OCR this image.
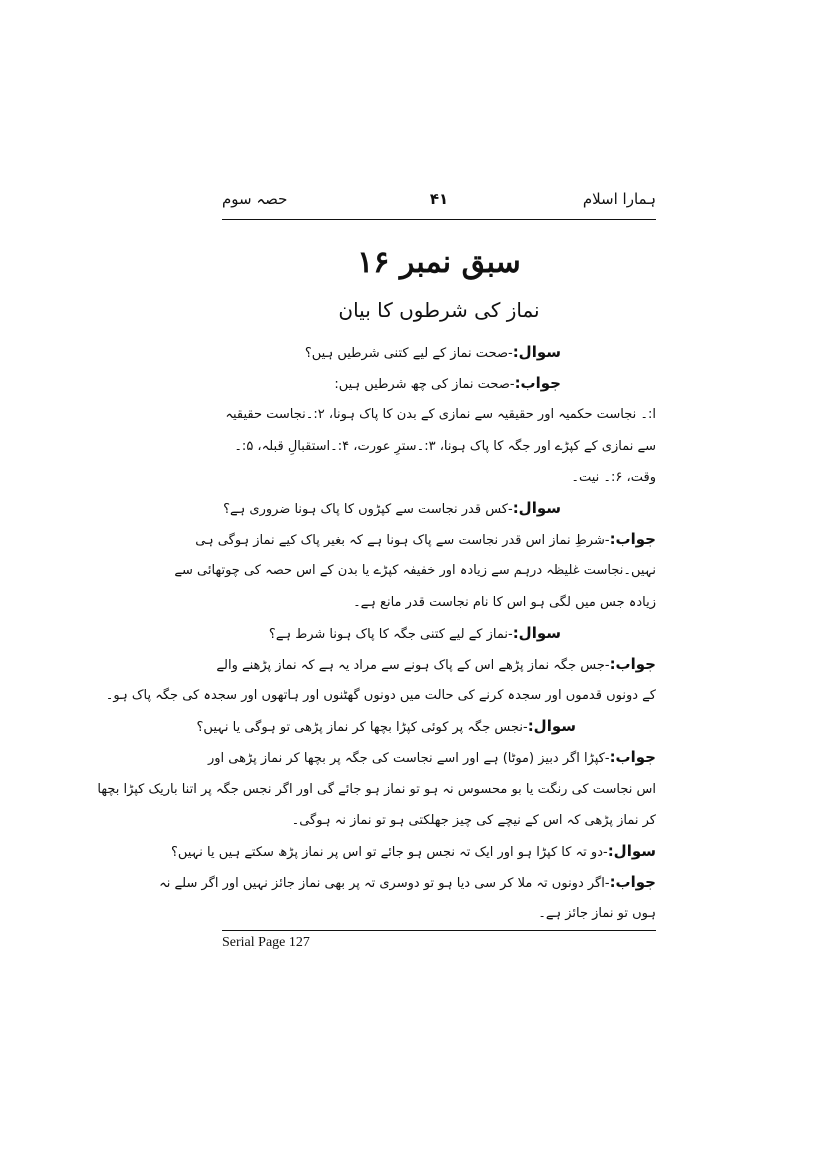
ہمارا اسلام
۴۱
حصہ سوم
سبق نمبر ۱۶
نماز کی شرطوں کا بیان
سوال:-صحت نماز کے لیے کتنی شرطیں ہیں؟
جواب:-صحت نماز کی چھ شرطیں ہیں:
ا:۔ نجاست حکمیہ اور حقیقیہ سے نمازی کے بدن کا پاک ہونا، ۲:۔نجاست حقیقیہ
سے نمازی کے کپڑے اور جگہ کا پاک ہونا، ۳:۔سترِ عورت، ۴:۔استقبالِ قبلہ، ۵:۔
وقت، ۶:۔ نیت۔
سوال:-کس قدر نجاست سے کپڑوں کا پاک ہونا ضروری ہے؟
جواب:-شرطِ نماز اس قدر نجاست سے پاک ہونا ہے کہ بغیر پاک کیے نماز ہوگی ہی
نہیں۔نجاست غلیظہ درہم سے زیادہ اور خفیفہ کپڑے یا بدن کے اس حصہ کی چوتھائی سے
زیادہ جس میں لگی ہو اس کا نام نجاست قدر مانع ہے۔
سوال:-نماز کے لیے کتنی جگہ کا پاک ہونا شرط ہے؟
جواب:-جس جگہ نماز پڑھے اس کے پاک ہونے سے مراد یہ ہے کہ نماز پڑھنے والے
کے دونوں قدموں اور سجدہ کرنے کی حالت میں دونوں گھٹنوں اور ہاتھوں اور سجدہ کی جگہ پاک ہو۔
سوال:-نجس جگہ پر کوئی کپڑا بچھا کر نماز پڑھی تو ہوگی یا نہیں؟
جواب:-کپڑا اگر دبیز (موٹا) ہے اور اسے نجاست کی جگہ پر بچھا کر نماز پڑھی اور
اس نجاست کی رنگت یا بو محسوس نہ ہو تو نماز ہو جائے گی اور اگر نجس جگہ پر اتنا باریک کپڑا بچھا
کر نماز پڑھی کہ اس کے نیچے کی چیز جھلکتی ہو تو نماز نہ ہوگی۔
سوال:-دو تہ کا کپڑا ہو اور ایک تہ نجس ہو جائے تو اس پر نماز پڑھ سکتے ہیں یا نہیں؟
جواب:-اگر دونوں تہ ملا کر سی دیا ہو تو دوسری تہ پر بھی نماز جائز نہیں اور اگر سلے نہ
ہوں تو نماز جائز ہے۔
Serial Page 127
